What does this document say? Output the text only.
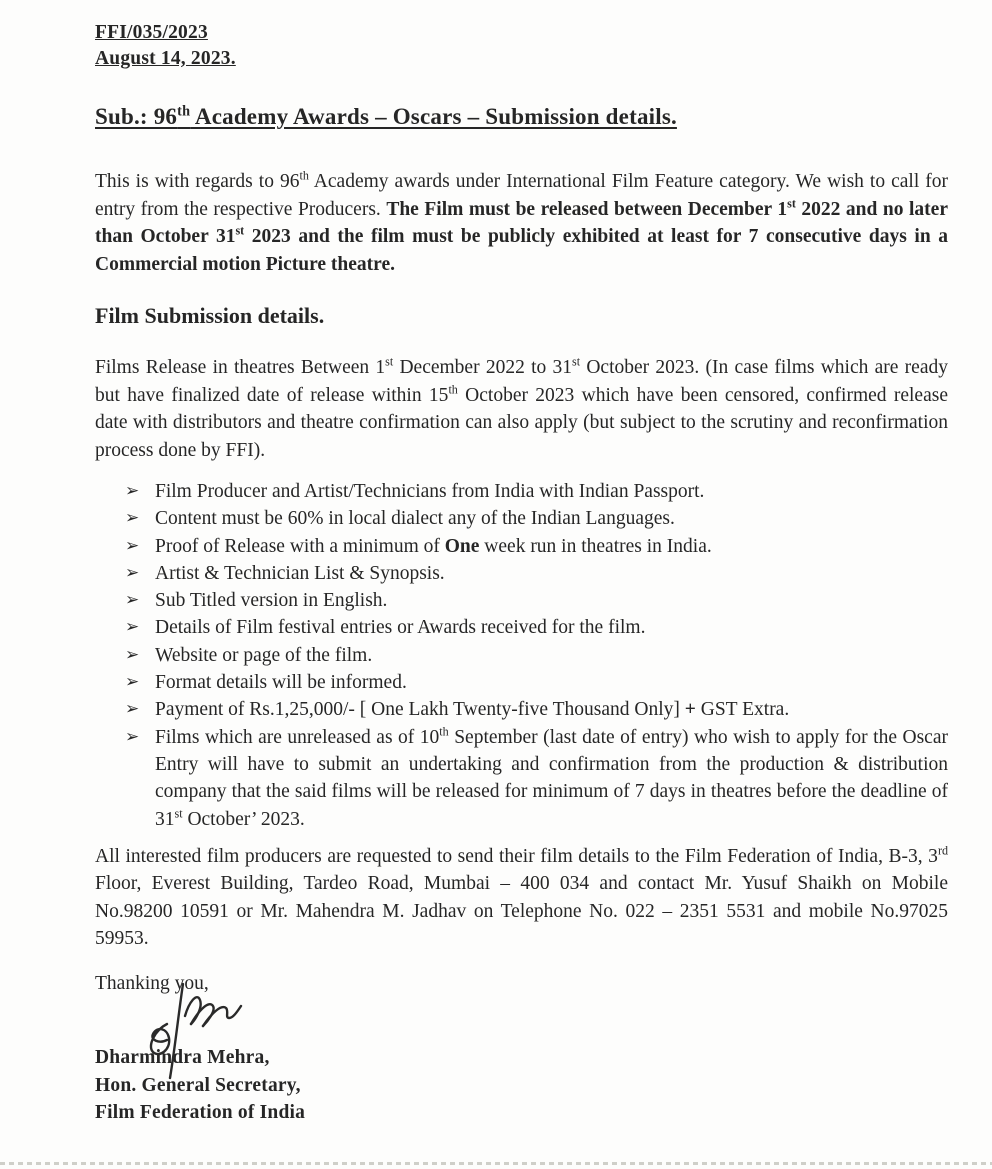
FFI/035/2023
August 14, 2023.
Sub.: 96th Academy Awards – Oscars – Submission details.

This is with regards to 96th Academy awards under International Film Feature category. We wish to call for entry from the respective Producers. The Film must be released between December 1st 2022 and no later than October 31st 2023 and the film must be publicly exhibited at least for 7 consecutive days in a Commercial motion Picture theatre.

Film Submission details.

Films Release in theatres Between 1st December 2022 to 31st October 2023. (In case films which are ready but have finalized date of release within 15th October 2023 which have been censored, confirmed release date with distributors and theatre confirmation can also apply (but subject to the scrutiny and reconfirmation process done by FFI).

➢ Film Producer and Artist/Technicians from India with Indian Passport.
➢ Content must be 60% in local dialect any of the Indian Languages.
➢ Proof of Release with a minimum of One week run in theatres in India.
➢ Artist & Technician List & Synopsis.
➢ Sub Titled version in English.
➢ Details of Film festival entries or Awards received for the film.
➢ Website or page of the film.
➢ Format details will be informed.
➢ Payment of Rs.1,25,000/- [ One Lakh Twenty-five Thousand Only] + GST Extra.
➢ Films which are unreleased as of 10th September (last date of entry) who wish to apply for the Oscar Entry will have to submit an undertaking and confirmation from the production & distribution company that the said films will be released for minimum of 7 days in theatres before the deadline of 31st October’ 2023.

All interested film producers are requested to send their film details to the Film Federation of India, B-3, 3rd Floor, Everest Building, Tardeo Road, Mumbai – 400 034 and contact Mr. Yusuf Shaikh on Mobile No.98200 10591 or Mr. Mahendra M. Jadhav on Telephone No. 022 – 2351 5531 and mobile No.97025 59953.

Thanking you,
Dharmindra Mehra,
Hon. General Secretary,
Film Federation of India
